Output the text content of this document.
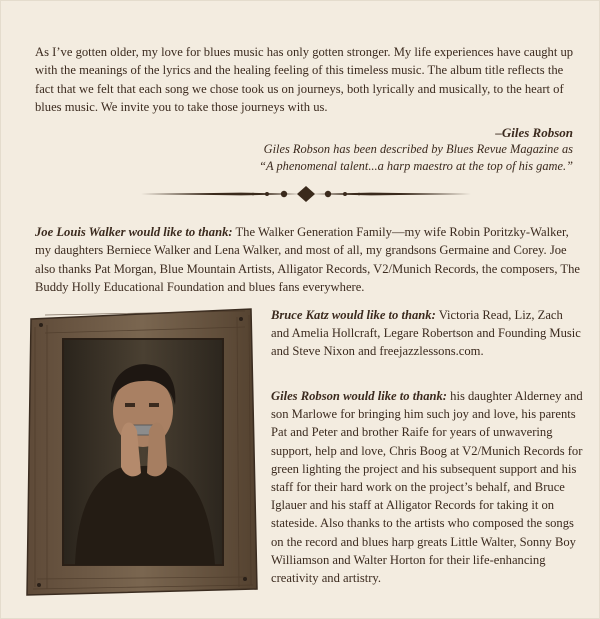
As I’ve gotten older, my love for blues music has only gotten stronger. My life experiences have caught up with the meanings of the lyrics and the healing feeling of this timeless music. The album title reflects the fact that we felt that each song we chose took us on journeys, both lyrically and musically, to the heart of blues music. We invite you to take those journeys with us.

–Giles Robson

Giles Robson has been described by Blues Revue Magazine as
“A phenomenal talent...a harp maestro at the top of his game.”

Joe Louis Walker would like to thank: The Walker Generation Family—my wife Robin Poritzky-Walker, my daughters Berniece Walker and Lena Walker, and most of all, my grandsons Germaine and Corey. Joe also thanks Pat Morgan, Blue Mountain Artists, Alligator Records, V2/Munich Records, the composers, The Buddy Holly Educational Foundation and blues fans everywhere.

Bruce Katz would like to thank: Victoria Read, Liz, Zach and Amelia Hollcraft, Legare Robertson and Founding Music and Steve Nixon and freejazzlessons.com.

Giles Robson would like to thank: his daughter Alderney and son Marlowe for bringing him such joy and love, his parents Pat and Peter and brother Raife for years of unwavering support, help and love, Chris Boog at V2/Munich Records for green lighting the project and his subsequent support and his staff for their hard work on the project’s behalf, and Bruce Iglauer and his staff at Alligator Records for taking it on stateside. Also thanks to the artists who composed the songs on the record and blues harp greats Little Walter, Sonny Boy Williamson and Walter Horton for their life-enhancing creativity and artistry.
